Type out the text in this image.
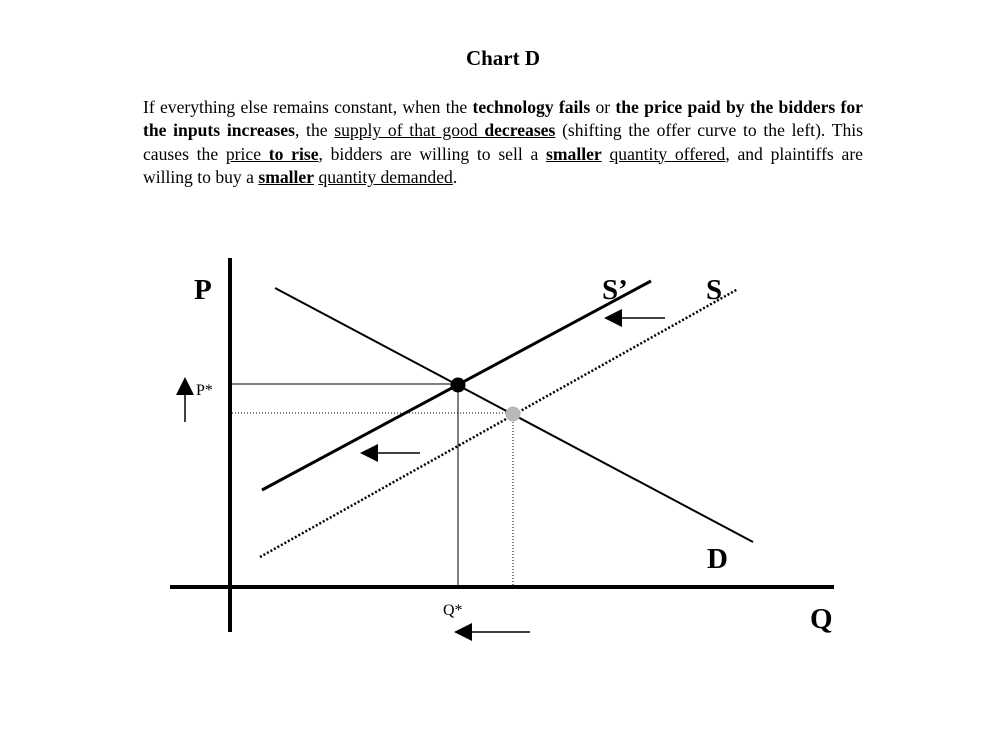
Chart D

If everything else remains constant, when the technology fails or the price paid by the bidders for the inputs increases, the supply of that good decreases (shifting the offer curve to the left). This causes the price to rise, bidders are willing to sell a smaller quantity offered, and plaintiffs are willing to buy a smaller quantity demanded.

P
Q
S’	S
D
P*
Q*
